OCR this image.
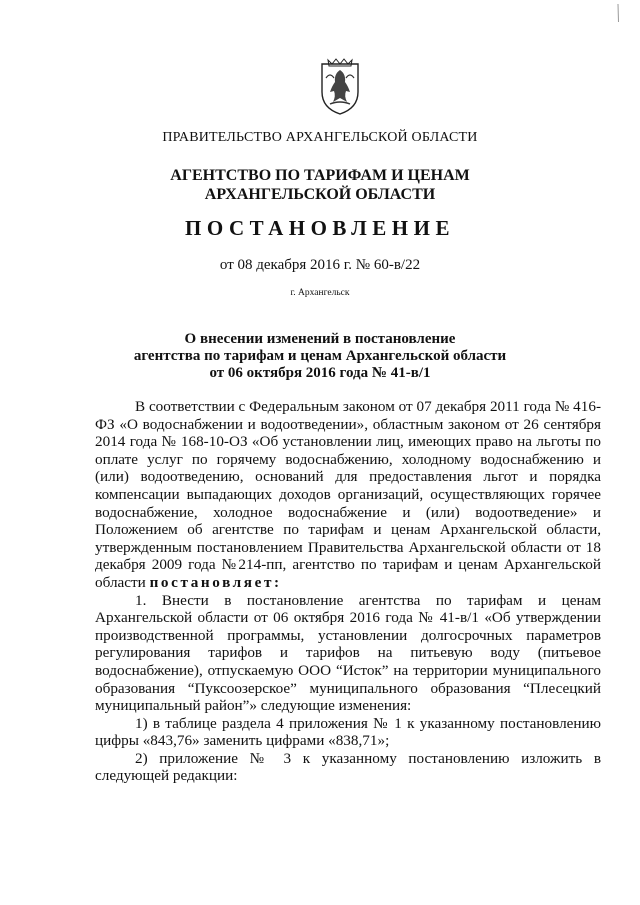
ПРАВИТЕЛЬСТВО АРХАНГЕЛЬСКОЙ ОБЛАСТИ
АГЕНТСТВО ПО ТАРИФАМ И ЦЕНАМ
АРХАНГЕЛЬСКОЙ ОБЛАСТИ
ПОСТАНОВЛЕНИЕ
от 08 декабря 2016 г. № 60-в/22
г. Архангельск
О внесении изменений в постановление
агентства по тарифам и ценам Архангельской области
от 06 октября 2016 года № 41-в/1

В соответствии с Федеральным законом от 07 декабря 2011 года № 416-ФЗ «О водоснабжении и водоотведении», областным законом от 26 сентября 2014 года № 168-10-ОЗ «Об установлении лиц, имеющих право на льготы по оплате услуг по горячему водоснабжению, холодному водоснабжению и (или) водоотведению, оснований для предоставления льгот и порядка компенсации выпадающих доходов организаций, осуществляющих горячее водоснабжение, холодное водоснабжение и (или) водоотведение» и Положением об агентстве по тарифам и ценам Архангельской области, утвержденным постановлением Правительства Архангельской области от 18 декабря 2009 года №214-пп, агентство по тарифам и ценам Архангельской области постановляет:

1. Внести в постановление агентства по тарифам и ценам Архангельской области от 06 октября 2016 года № 41-в/1 «Об утверждении производственной программы, установлении долгосрочных параметров регулирования тарифов и тарифов на питьевую воду (питьевое водоснабжение), отпускаемую ООО “Исток” на территории муниципального образования “Пуксоозерское” муниципального образования “Плесецкий муниципальный район”» следующие изменения:

1) в таблице раздела 4 приложения № 1 к указанному постановлению цифры «843,76» заменить цифрами «838,71»;

2) приложение № 3 к указанному постановлению изложить в следующей редакции:
